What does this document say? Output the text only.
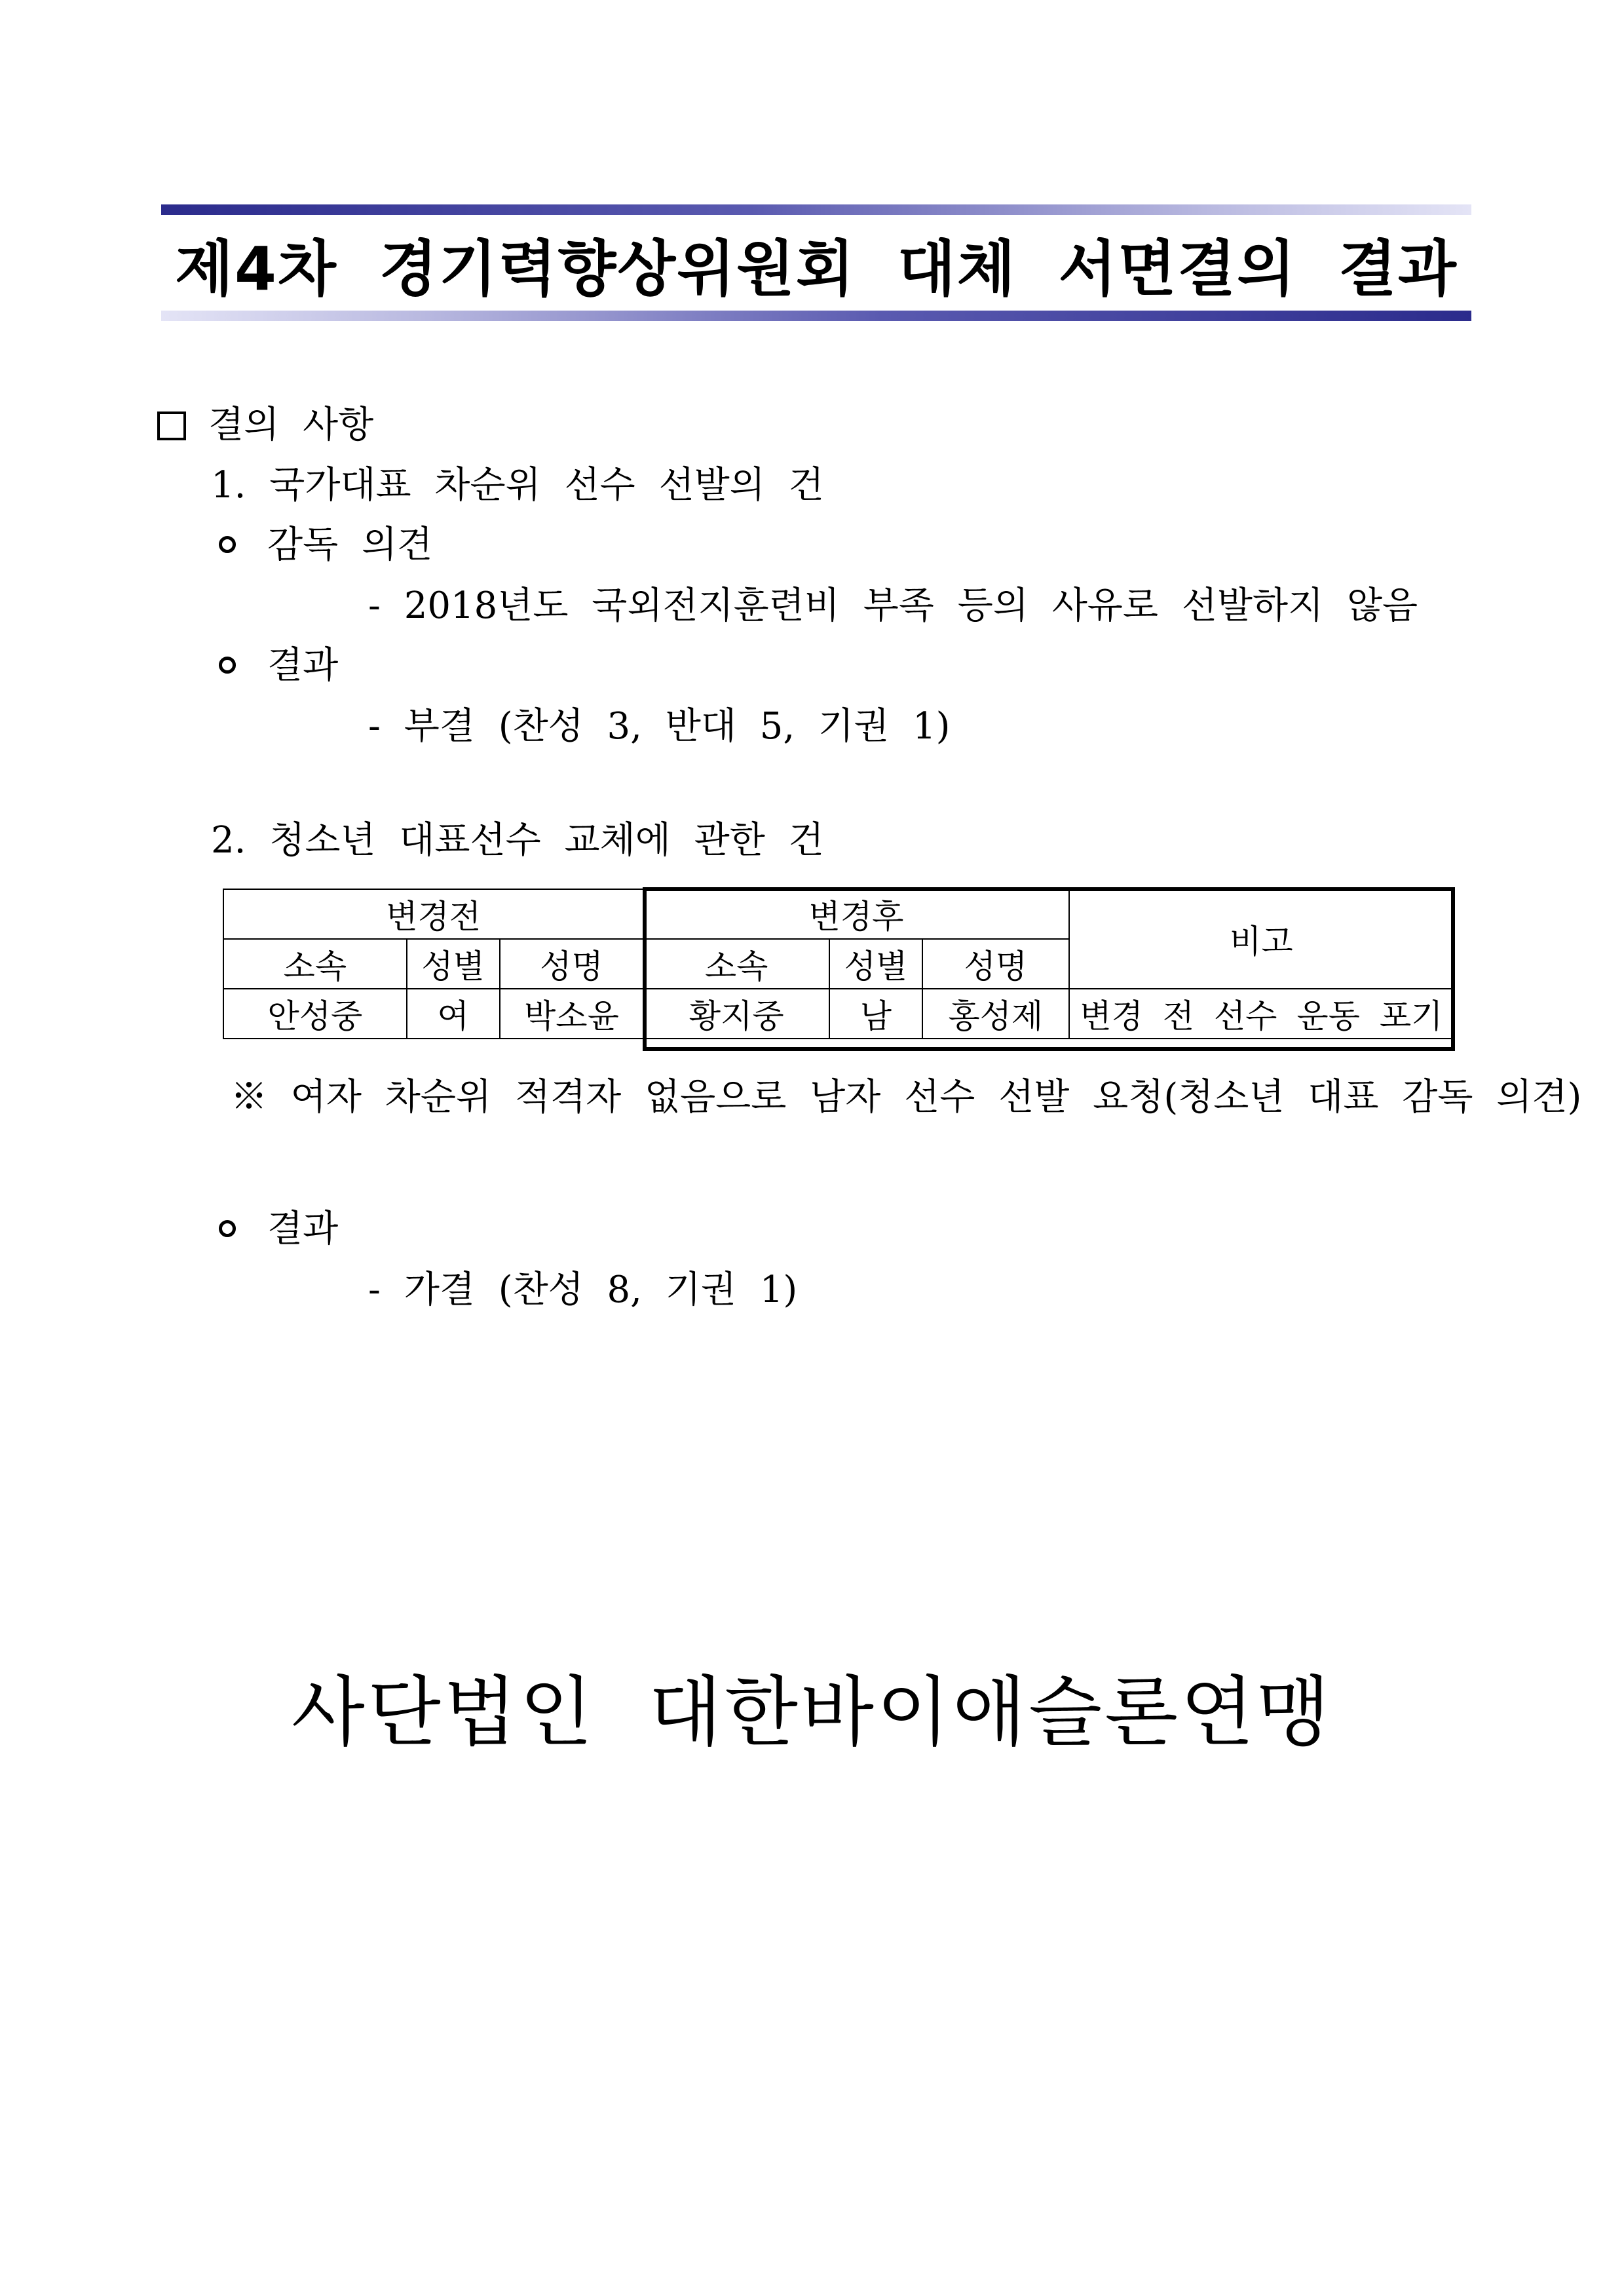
제4차 경기력향상위원회 대체 서면결의 결과
결의 사항
1. 국가대표 차순위 선수 선발의 건
감독 의견
- 2018년도 국외전지훈련비 부족 등의 사유로 선발하지 않음
결과
- 부결 (찬성 3, 반대 5, 기권 1)
2. 청소년 대표선수 교체에 관한 건
변경전			변경후			비고
소속	성별	성명	소속	성별	성명	
안성중	여	박소윤	황지중	남	홍성제	변경 전 선수 운동 포기
※ 여자 차순위 적격자 없음으로 남자 선수 선발 요청(청소년 대표 감독 의견)
결과
- 가결 (찬성 8, 기권 1)
사단법인 대한바이애슬론연맹
